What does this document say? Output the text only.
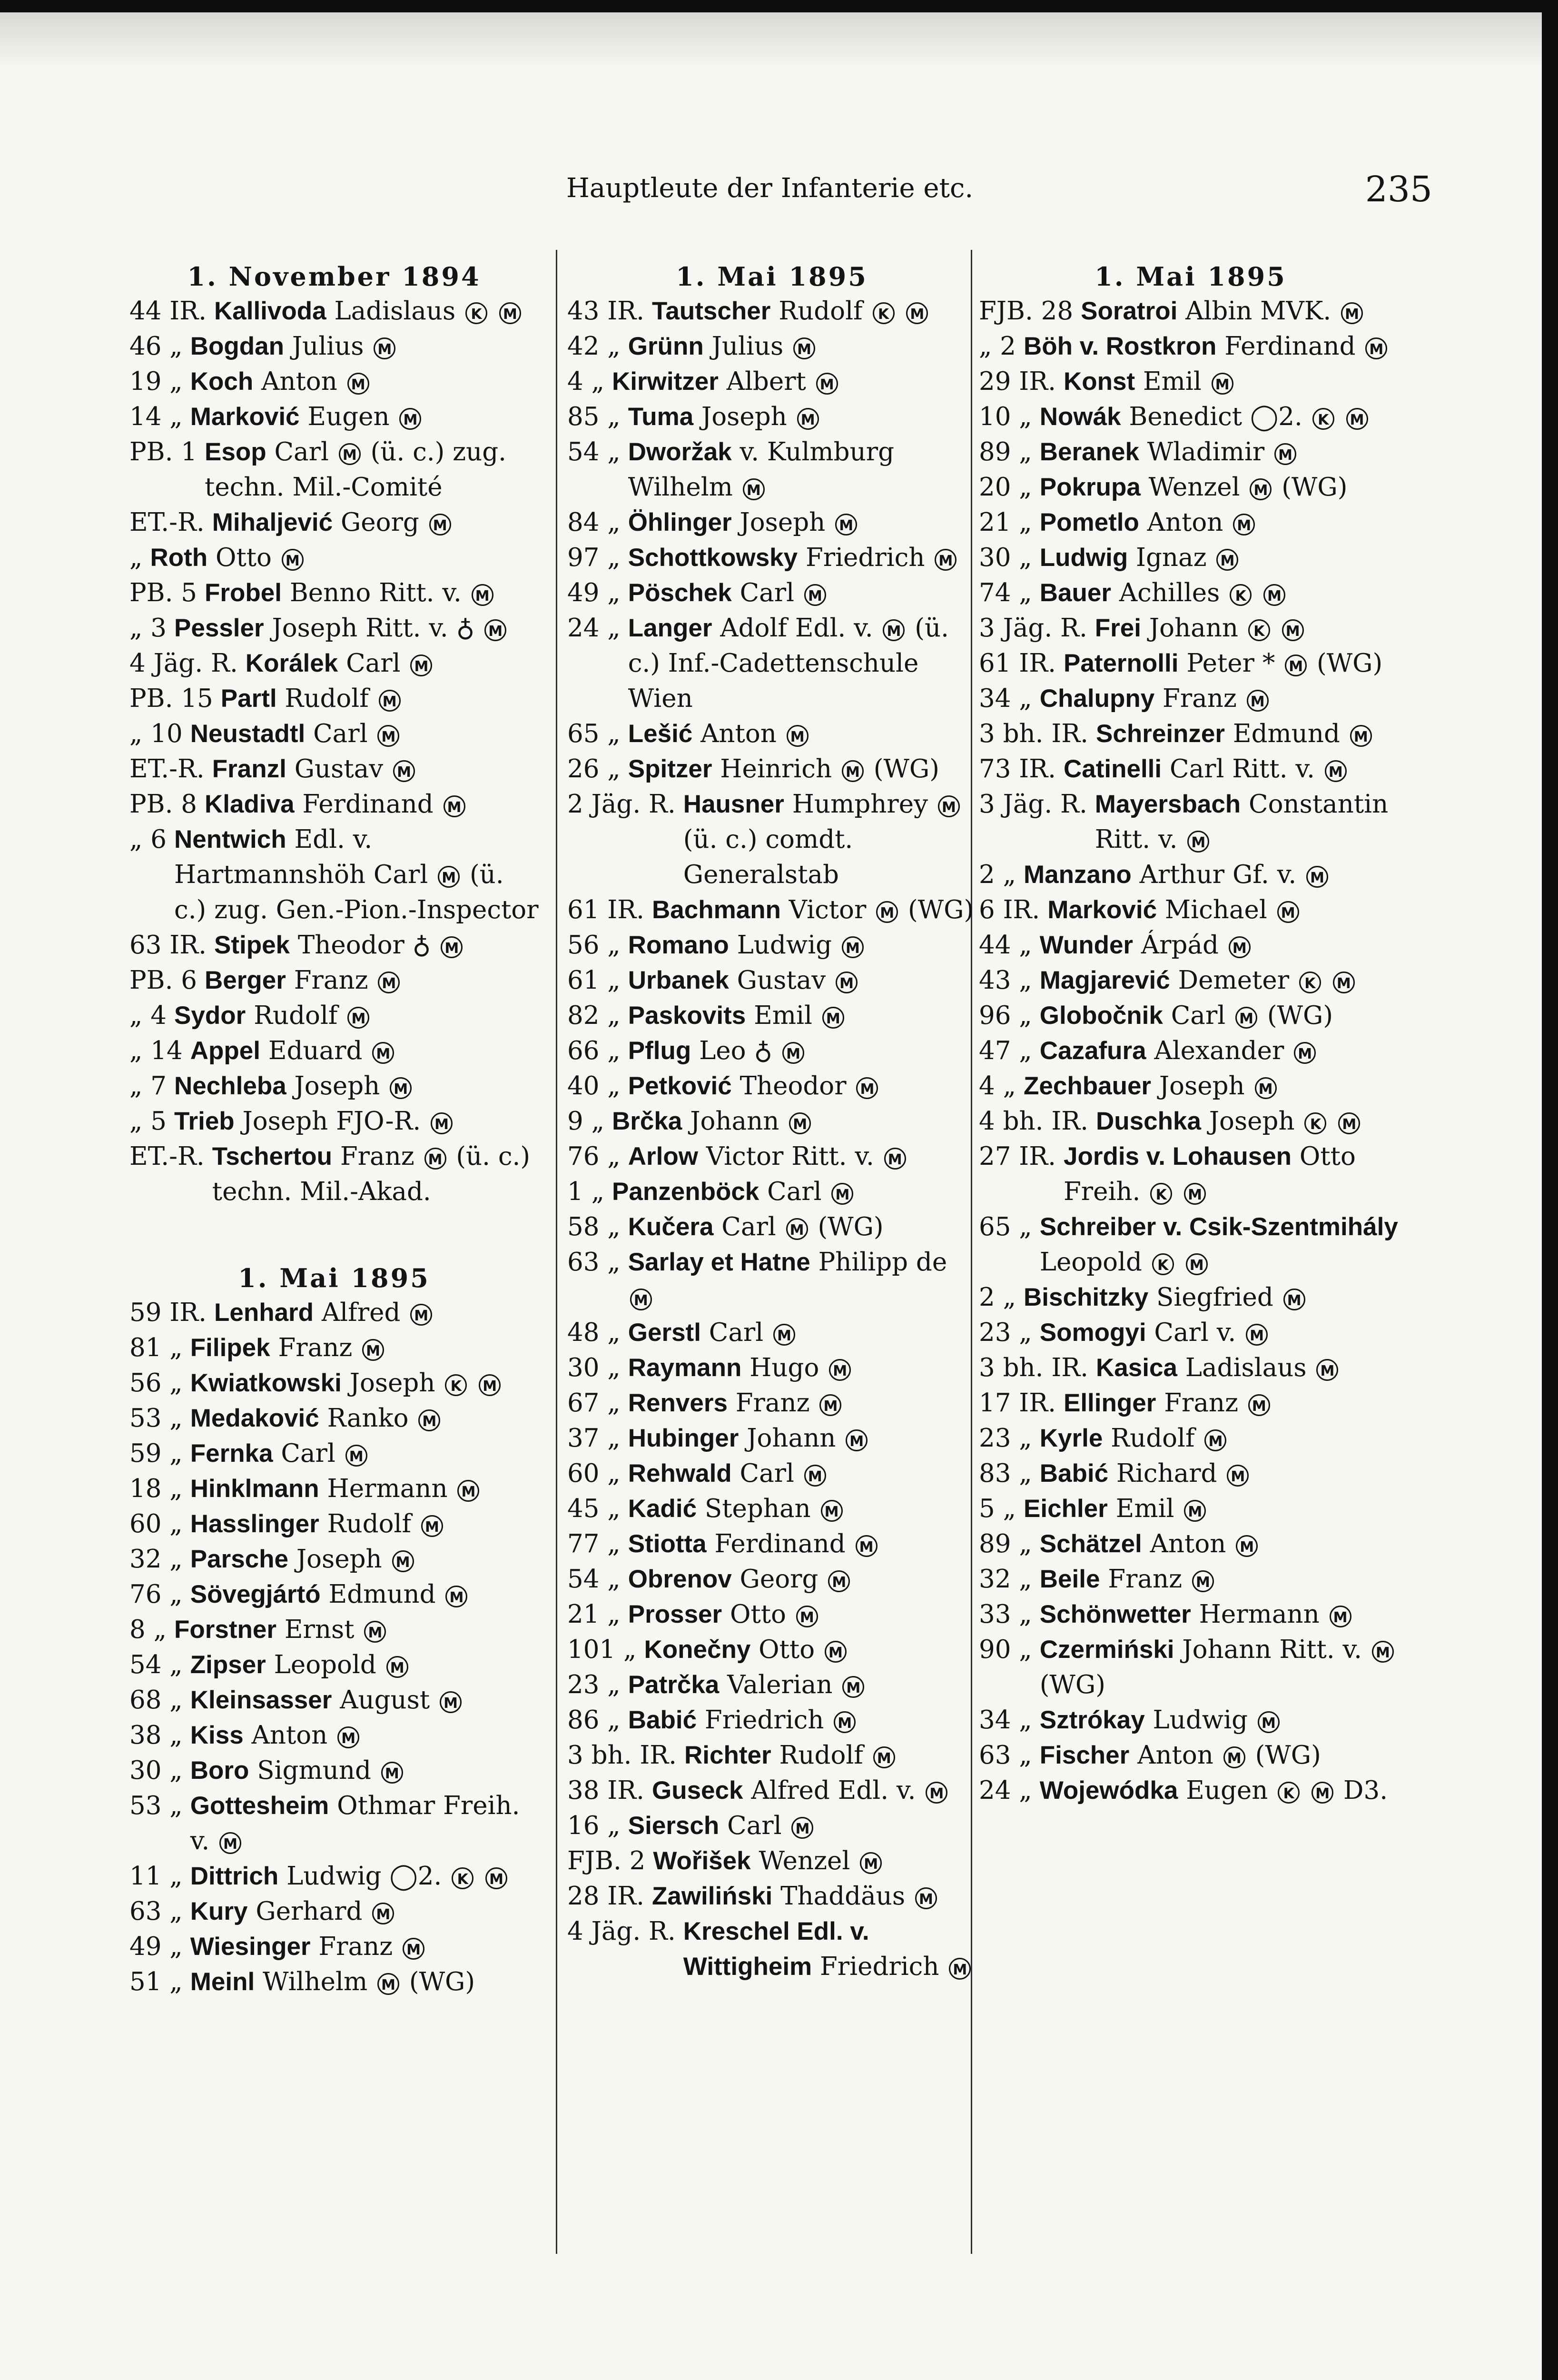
Hauptleute der Infanterie etc.	235
1. November 1894
44 IR. Kallivoda Ladislaus K M
46 „ Bogdan Julius M
19 „ Koch Anton M
14 „ Marković Eugen M
PB. 1 Esop Carl M (ü. c.) zug. techn. Mil.-Comité
ET.-R. Mihaljević Georg M
„ Roth Otto M
PB. 5 Frobel Benno Ritt. v. M
„ 3 Pessler Joseph Ritt. v. ♁ M
4 Jäg. R. Korálek Carl M
PB. 15 Partl Rudolf M
„ 10 Neustadtl Carl M
ET.-R. Franzl Gustav M
PB. 8 Kladiva Ferdinand M
„ 6 Nentwich Edl. v. Hartmannshöh Carl M (ü. c.) zug. Gen.-Pion.-Inspector
63 IR. Stipek Theodor ♁ M
PB. 6 Berger Franz M
„ 4 Sydor Rudolf M
„ 14 Appel Eduard M
„ 7 Nechleba Joseph M
„ 5 Trieb Joseph FJO-R. M
ET.-R. Tschertou Franz M (ü. c.) techn. Mil.-Akad.
1. Mai 1895
59 IR. Lenhard Alfred M
81 „ Filipek Franz M
56 „ Kwiatkowski Joseph K M
53 „ Medaković Ranko M
59 „ Fernka Carl M
18 „ Hinklmann Hermann M
60 „ Hasslinger Rudolf M
32 „ Parsche Joseph M
76 „ Sövegjártó Edmund M
8 „ Forstner Ernst M
54 „ Zipser Leopold M
68 „ Kleinsasser August M
38 „ Kiss Anton M
30 „ Boro Sigmund M
53 „ Gottesheim Othmar Freih. v. M
11 „ Dittrich Ludwig ◯2. K M
63 „ Kury Gerhard M
49 „ Wiesinger Franz M
51 „ Meinl Wilhelm M (WG)
1. Mai 1895
43 IR. Tautscher Rudolf K M
42 „ Grünn Julius M
4 „ Kirwitzer Albert M
85 „ Tuma Joseph M
54 „ Dworžak v. Kulmburg Wilhelm M
84 „ Öhlinger Joseph M
97 „ Schottkowsky Friedrich M
49 „ Pöschek Carl M
24 „ Langer Adolf Edl. v. M (ü. c.) Inf.-Cadettenschule Wien
65 „ Lešić Anton M
26 „ Spitzer Heinrich M (WG)
2 Jäg. R. Hausner Humphrey M (ü. c.) comdt. Generalstab
61 IR. Bachmann Victor M (WG)
56 „ Romano Ludwig M
61 „ Urbanek Gustav M
82 „ Paskovits Emil M
66 „ Pflug Leo ♁ M
40 „ Petković Theodor M
9 „ Brčka Johann M
76 „ Arlow Victor Ritt. v. M
1 „ Panzenböck Carl M
58 „ Kučera Carl M (WG)
63 „ Sarlay et Hatne Philipp de M
48 „ Gerstl Carl M
30 „ Raymann Hugo M
67 „ Renvers Franz M
37 „ Hubinger Johann M
60 „ Rehwald Carl M
45 „ Kadić Stephan M
77 „ Stiotta Ferdinand M
54 „ Obrenov Georg M
21 „ Prosser Otto M
101 „ Konečny Otto M
23 „ Patrčka Valerian M
86 „ Babić Friedrich M
3 bh. IR. Richter Rudolf M
38 IR. Guseck Alfred Edl. v. M
16 „ Siersch Carl M
FJB. 2 Wořišek Wenzel M
28 IR. Zawiliński Thaddäus M
4 Jäg. R. Kreschel Edl. v. Wittigheim Friedrich M
1. Mai 1895
FJB. 28 Soratroi Albin MVK. M
„ 2 Böh v. Rostkron Ferdinand M
29 IR. Konst Emil M
10 „ Nowák Benedict ◯2. K M
89 „ Beranek Wladimir M
20 „ Pokrupa Wenzel M (WG)
21 „ Pometlo Anton M
30 „ Ludwig Ignaz M
74 „ Bauer Achilles K M
3 Jäg. R. Frei Johann K M
61 IR. Paternolli Peter * M (WG)
34 „ Chalupny Franz M
3 bh. IR. Schreinzer Edmund M
73 IR. Catinelli Carl Ritt. v. M
3 Jäg. R. Mayersbach Constantin Ritt. v. M
2 „ Manzano Arthur Gf. v. M
6 IR. Marković Michael M
44 „ Wunder Árpád M
43 „ Magjarević Demeter K M
96 „ Globočnik Carl M (WG)
47 „ Cazafura Alexander M
4 „ Zechbauer Joseph M
4 bh. IR. Duschka Joseph K M
27 IR. Jordis v. Lohausen Otto Freih. K M
65 „ Schreiber v. Csik-Szentmihály Leopold K M
2 „ Bischitzky Siegfried M
23 „ Somogyi Carl v. M
3 bh. IR. Kasica Ladislaus M
17 IR. Ellinger Franz M
23 „ Kyrle Rudolf M
83 „ Babić Richard M
5 „ Eichler Emil M
89 „ Schätzel Anton M
32 „ Beile Franz M
33 „ Schönwetter Hermann M
90 „ Czermiński Johann Ritt. v. M (WG)
34 „ Sztrókay Ludwig M
63 „ Fischer Anton M (WG)
24 „ Wojewódka Eugen K M D3.
